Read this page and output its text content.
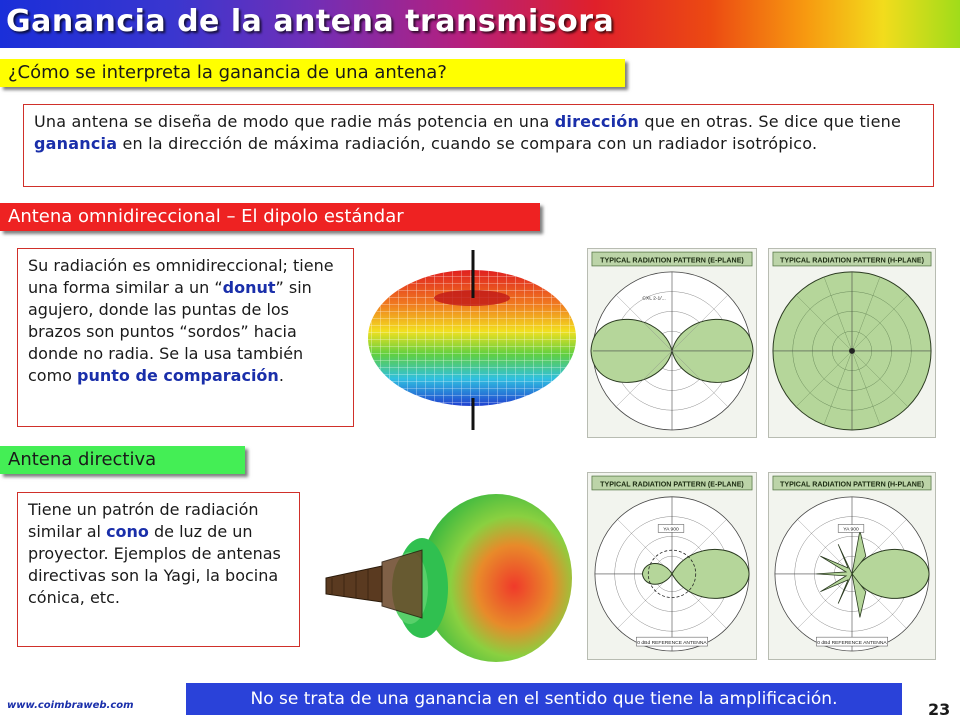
Ganancia de la antena transmisora
¿Cómo se interpreta la ganancia de una antena?
Una antena se diseña de modo que radie más potencia en una dirección que en otras. Se dice que tiene ganancia en la dirección de máxima radiación, cuando se compara con un radiador isotrópico.
Antena omnidireccional – El dipolo estándar
Su radiación es omnidireccional; tiene una forma similar a un “donut” sin agujero, donde las puntas de los brazos son puntos “sordos” hacia donde no radia. Se la usa también como punto de comparación.
TYPICAL RADIATION PATTERN (E-PLANE)
CXL 2-1/...
TYPICAL RADIATION PATTERN (H-PLANE)
Antena directiva
Tiene un patrón de radiación similar al cono de luz de un proyector. Ejemplos de antenas directivas son la Yagi, la bocina cónica, etc.
TYPICAL RADIATION PATTERN (E-PLANE)
YA 900
0 dBd REFERENCE ANTENNA
TYPICAL RADIATION PATTERN (H-PLANE)
YA 900
0 dBd REFERENCE ANTENNA
No se trata de una ganancia en el sentido que tiene la amplificación.
www.coimbraweb.com	23
